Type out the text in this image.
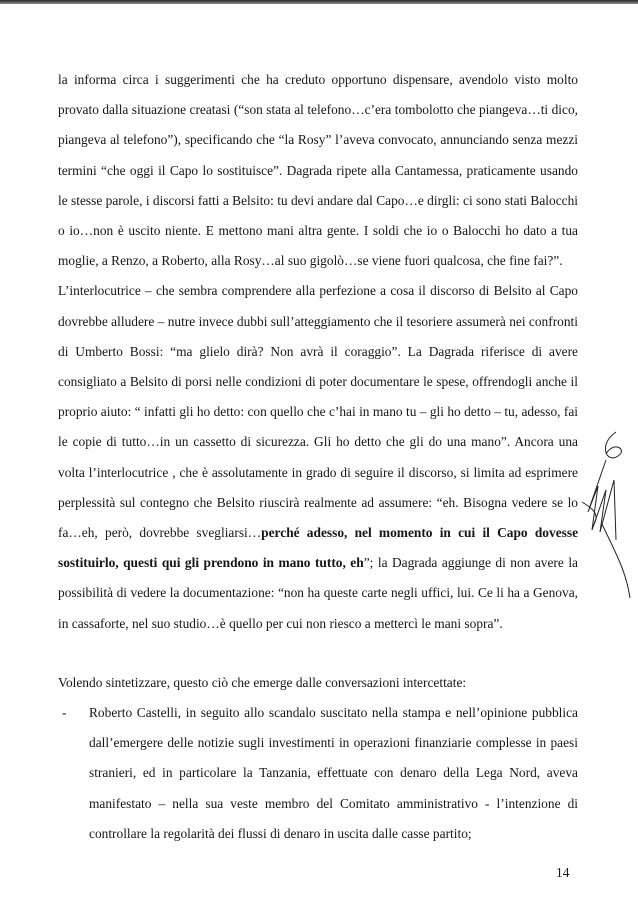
la informa circa i suggerimenti che ha creduto opportuno dispensare, avendolo visto molto provato dalla situazione creatasi (“son stata al telefono…c’era tombolotto che piangeva…ti dico, piangeva al telefono”), specificando che “la Rosy” l’aveva convocato, annunciando senza mezzi termini “che oggi il Capo lo sostituisce”. Dagrada ripete alla Cantamessa, praticamente usando le stesse parole, i discorsi fatti a Belsito: tu devi andare dal Capo…e dirgli: ci sono stati Balocchi o io…non è uscito niente. E mettono mani altra gente. I soldi che io o Balocchi ho dato a tua moglie, a Renzo, a Roberto, alla Rosy…al suo gigolò…se viene fuori qualcosa, che fine fai?”.

L’interlocutrice – che sembra comprendere alla perfezione a cosa il discorso di Belsito al Capo dovrebbe alludere – nutre invece dubbi sull’atteggiamento che il tesoriere assumerà nei confronti di Umberto Bossi: “ma glielo dirà? Non avrà il coraggio”. La Dagrada riferisce di avere consigliato a Belsito di porsi nelle condizioni di poter documentare le spese, offrendogli anche il proprio aiuto: “ infatti gli ho detto: con quello che c’hai in mano tu – gli ho detto – tu, adesso, fai le copie di tutto…in un cassetto di sicurezza. Gli ho detto che gli do una mano”. Ancora una volta l’interlocutrice , che è assolutamente in grado di seguire il discorso, si limita ad esprimere perplessità sul contegno che Belsito riuscirà realmente ad assumere: “eh. Bisogna vedere se lo fa…eh, però, dovrebbe svegliarsi…perché adesso, nel momento in cui il Capo dovesse sostituirlo, questi qui gli prendono in mano tutto, eh”; la Dagrada aggiunge di non avere la possibilità di vedere la documentazione: “non ha queste carte negli uffici, lui. Ce li ha a Genova, in cassaforte, nel suo studio…è quello per cui non riesco a mettercì le mani sopra”.

Volendo sintetizzare, questo ciò che emerge dalle conversazioni intercettate:

-	Roberto Castelli, in seguito allo scandalo suscitato nella stampa e nell’opinione pubblica dall’emergere delle notizie sugli investimenti in operazioni finanziarie complesse in paesi stranieri, ed in particolare la Tanzania, effettuate con denaro della Lega Nord, aveva manifestato – nella sua veste membro del Comitato amministrativo - l’intenzione di controllare la regolarità dei flussi di denaro in uscita dalle casse partito;
14
